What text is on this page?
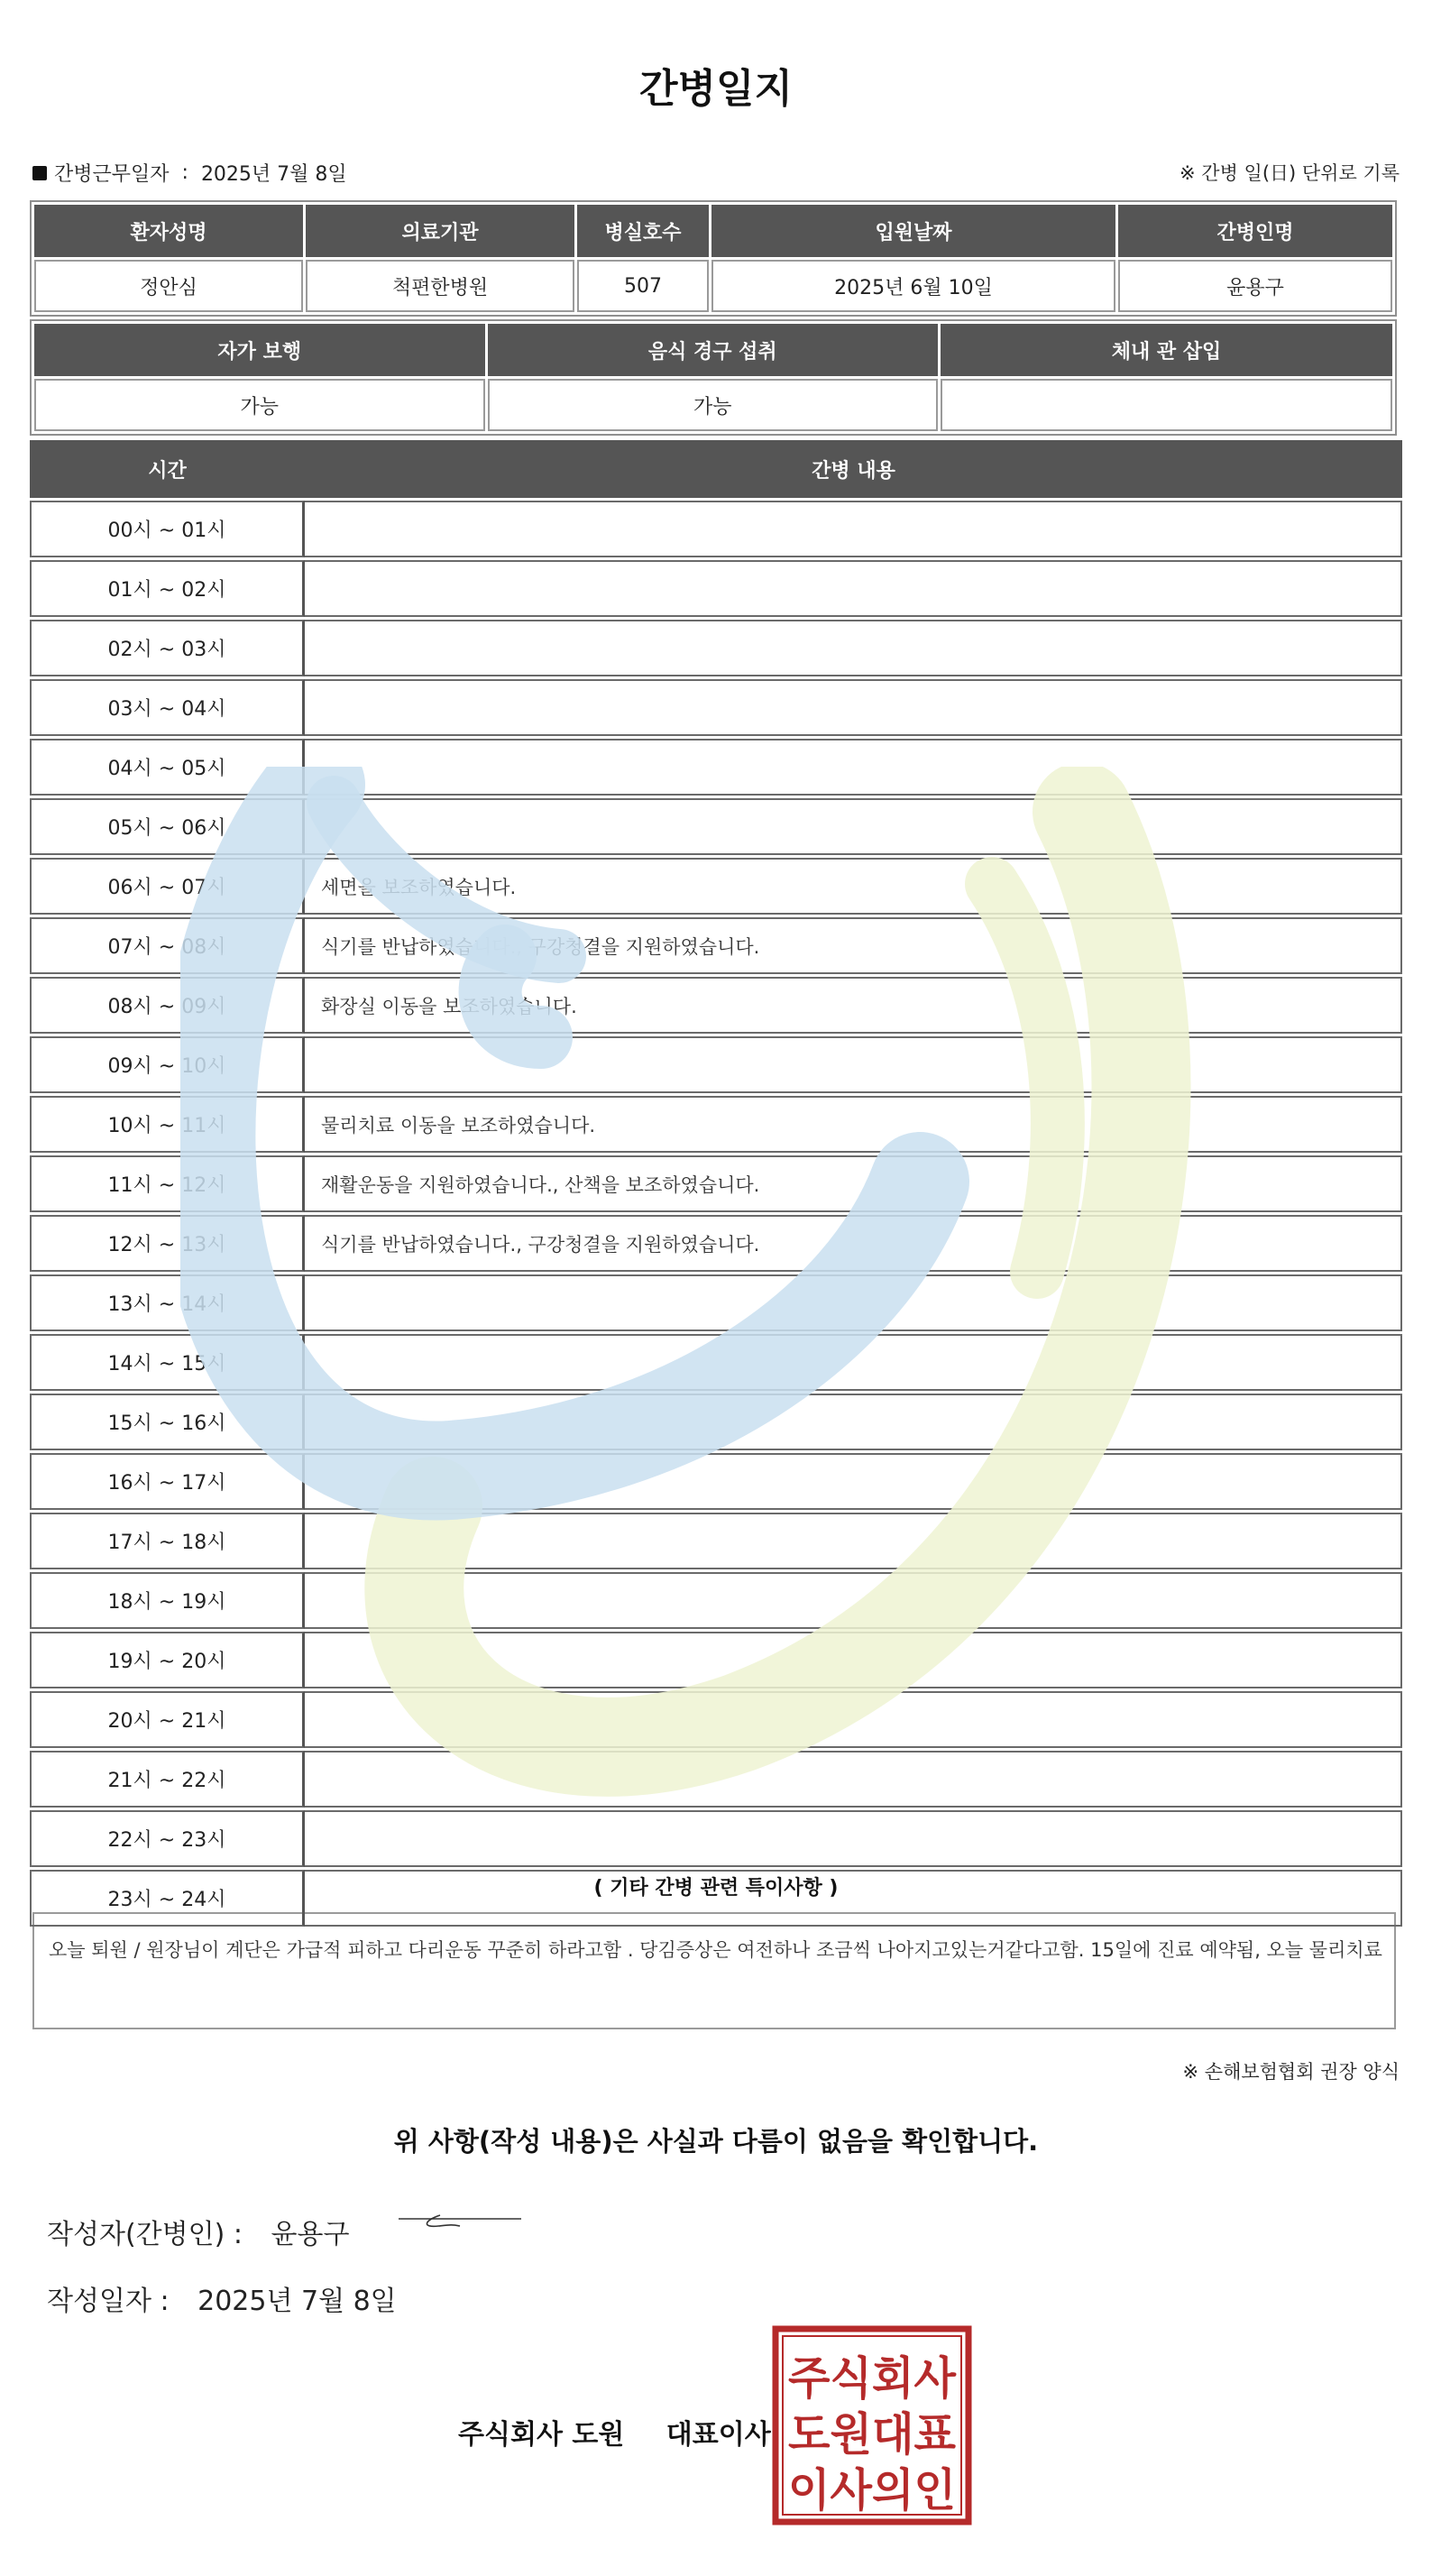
간병일지
간병근무일자 : 2025년 7월 8일	※ 간병 일(日) 단위로 기록
환자성명	의료기관	병실호수	입원날짜	간병인명
정안심	척편한병원	507	2025년 6월 10일	윤용구
자가 보행	음식 경구 섭취	체내 관 삽입
가능	가능	
시간	간병 내용
00시 ~ 01시	
01시 ~ 02시	
02시 ~ 03시	
03시 ~ 04시	
04시 ~ 05시	
05시 ~ 06시	
06시 ~ 07시	세면을 보조하였습니다.
07시 ~ 08시	식기를 반납하였습니다., 구강청결을 지원하였습니다.
08시 ~ 09시	화장실 이동을 보조하였습니다.
09시 ~ 10시	
10시 ~ 11시	물리치료 이동을 보조하였습니다.
11시 ~ 12시	재활운동을 지원하였습니다., 산책을 보조하였습니다.
12시 ~ 13시	식기를 반납하였습니다., 구강청결을 지원하였습니다.
13시 ~ 14시	
14시 ~ 15시	
15시 ~ 16시	
16시 ~ 17시	
17시 ~ 18시	
18시 ~ 19시	
19시 ~ 20시	
20시 ~ 21시	
21시 ~ 22시	
22시 ~ 23시	
23시 ~ 24시	
( 기타 간병 관련 특이사항 )
오늘 퇴원 / 원장님이 계단은 가급적 피하고 다리운동 꾸준히 하라고함 . 당김증상은 여전하나 조금씩 나아지고있는거같다고함. 15일에 진료 예약됨, 오늘 물리치료
※ 손해보험협회 권장 양식
위 사항(작성 내용)은 사실과 다름이 없음을 확인합니다.
작성자(간병인) : 윤용구
작성일자 : 2025년 7월 8일
주식회사 도원 대표이사
주식회사
도원대표
이사의인
